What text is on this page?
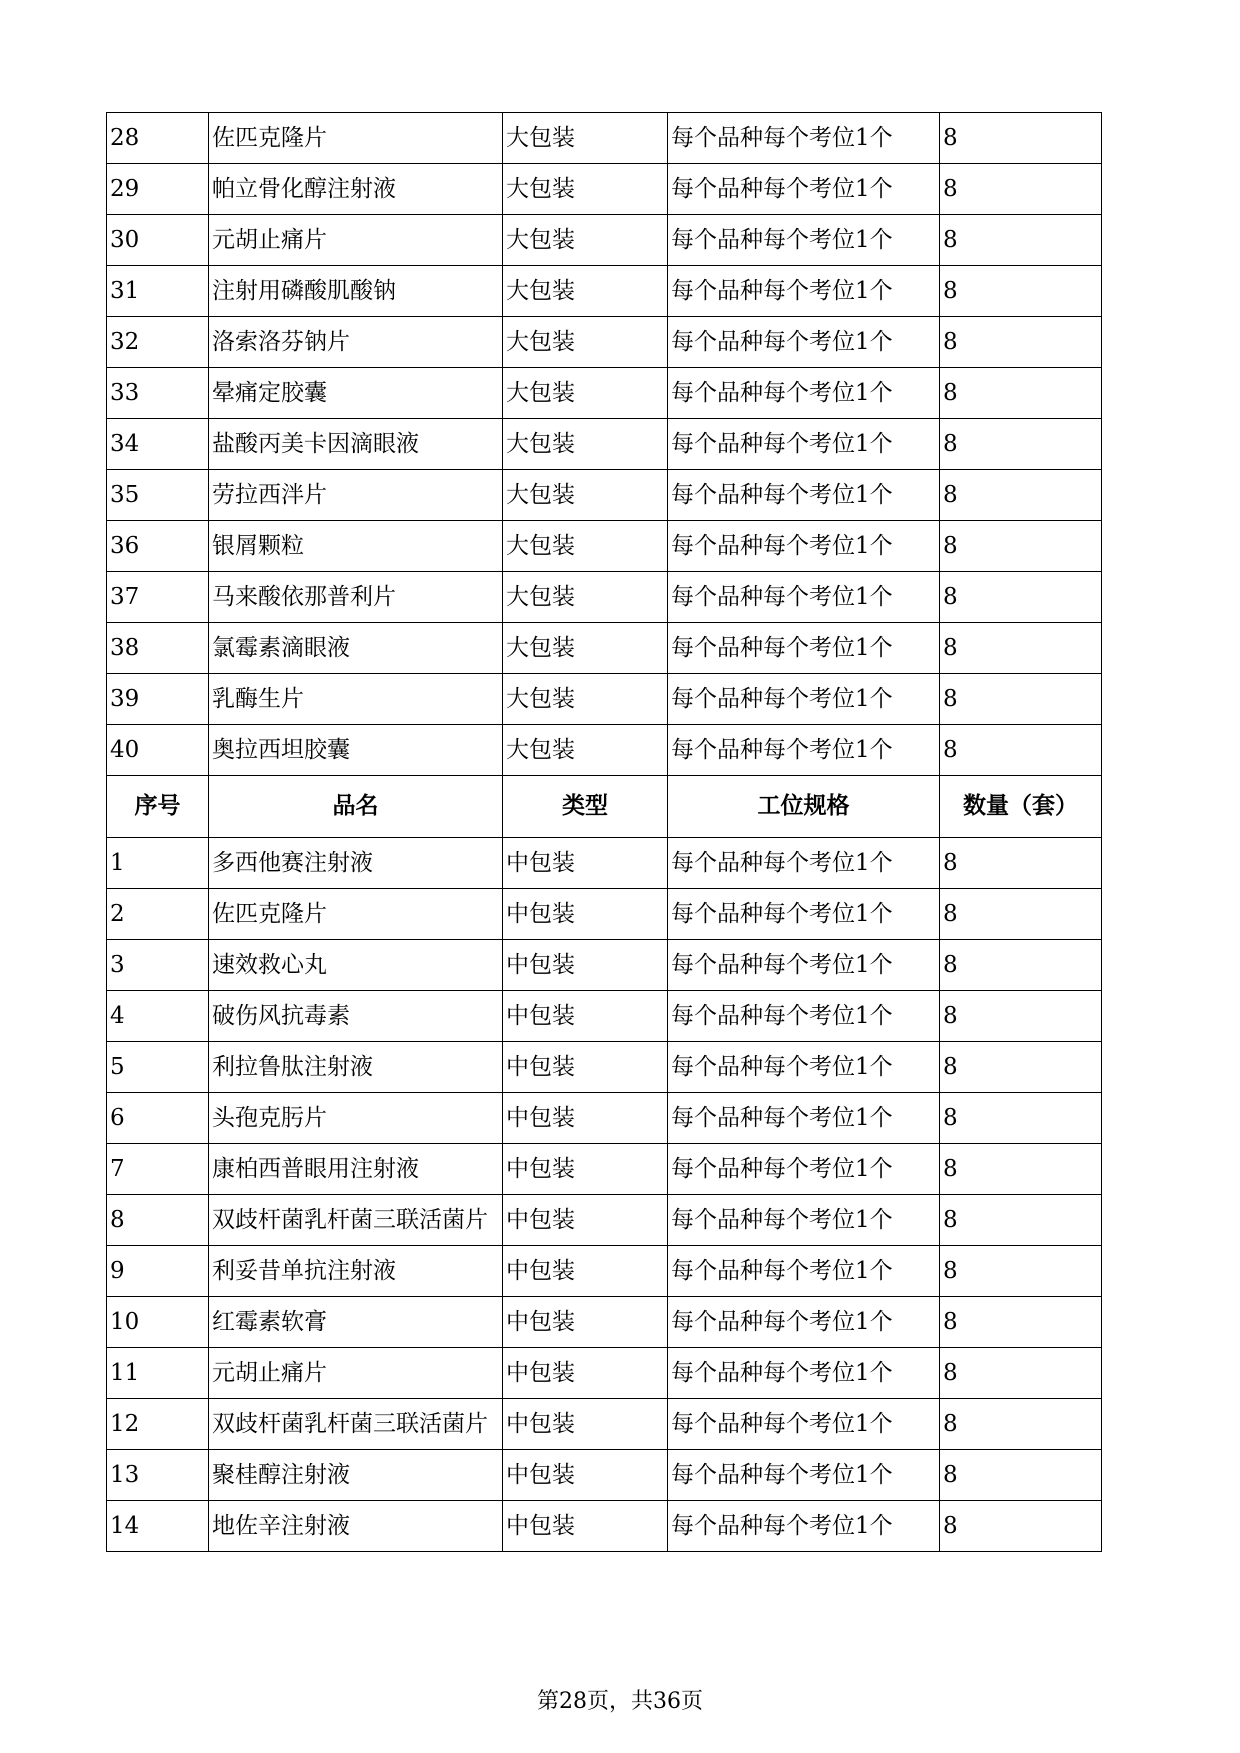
28	佐匹克隆片	大包装	每个品种每个考位1个	8
29	帕立骨化醇注射液	大包装	每个品种每个考位1个	8
30	元胡止痛片	大包装	每个品种每个考位1个	8
31	注射用磷酸肌酸钠	大包装	每个品种每个考位1个	8
32	洛索洛芬钠片	大包装	每个品种每个考位1个	8
33	晕痛定胶囊	大包装	每个品种每个考位1个	8
34	盐酸丙美卡因滴眼液	大包装	每个品种每个考位1个	8
35	劳拉西泮片	大包装	每个品种每个考位1个	8
36	银屑颗粒	大包装	每个品种每个考位1个	8
37	马来酸依那普利片	大包装	每个品种每个考位1个	8
38	氯霉素滴眼液	大包装	每个品种每个考位1个	8
39	乳酶生片	大包装	每个品种每个考位1个	8
40	奥拉西坦胶囊	大包装	每个品种每个考位1个	8
序号	品名	类型	工位规格	数量（套）
1	多西他赛注射液	中包装	每个品种每个考位1个	8
2	佐匹克隆片	中包装	每个品种每个考位1个	8
3	速效救心丸	中包装	每个品种每个考位1个	8
4	破伤风抗毒素	中包装	每个品种每个考位1个	8
5	利拉鲁肽注射液	中包装	每个品种每个考位1个	8
6	头孢克肟片	中包装	每个品种每个考位1个	8
7	康柏西普眼用注射液	中包装	每个品种每个考位1个	8
8	双歧杆菌乳杆菌三联活菌片	中包装	每个品种每个考位1个	8
9	利妥昔单抗注射液	中包装	每个品种每个考位1个	8
10	红霉素软膏	中包装	每个品种每个考位1个	8
11	元胡止痛片	中包装	每个品种每个考位1个	8
12	双歧杆菌乳杆菌三联活菌片	中包装	每个品种每个考位1个	8
13	聚桂醇注射液	中包装	每个品种每个考位1个	8
14	地佐辛注射液	中包装	每个品种每个考位1个	8
第28页，共36页
